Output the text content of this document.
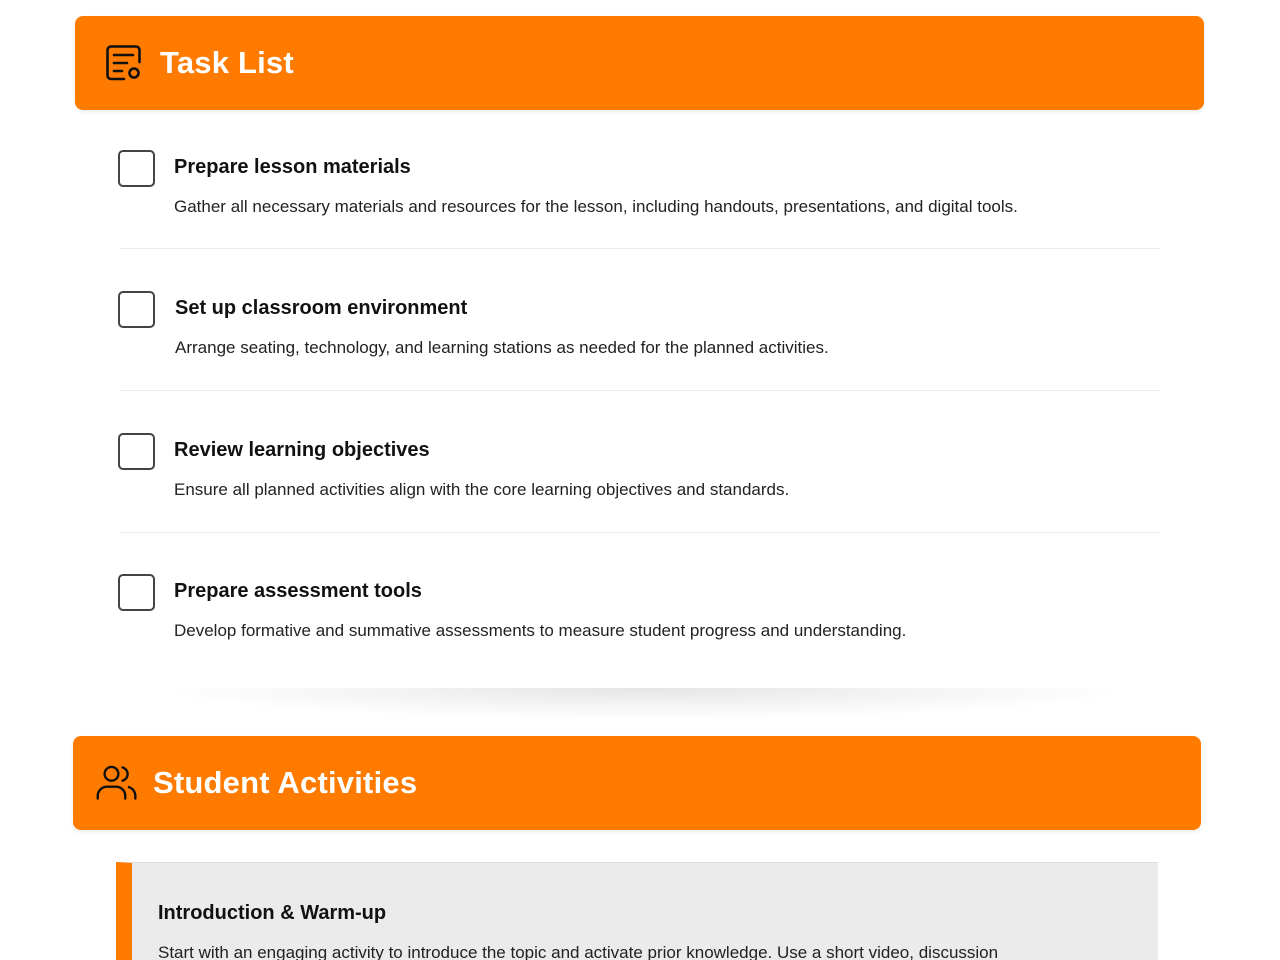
Task List
Prepare lesson materials
Gather all necessary materials and resources for the lesson, including handouts, presentations, and digital tools.
Set up classroom environment
Arrange seating, technology, and learning stations as needed for the planned activities.
Review learning objectives
Ensure all planned activities align with the core learning objectives and standards.
Prepare assessment tools
Develop formative and summative assessments to measure student progress and understanding.
Student Activities
Introduction & Warm-up
Start with an engaging activity to introduce the topic and activate prior knowledge. Use a short video, discussion
